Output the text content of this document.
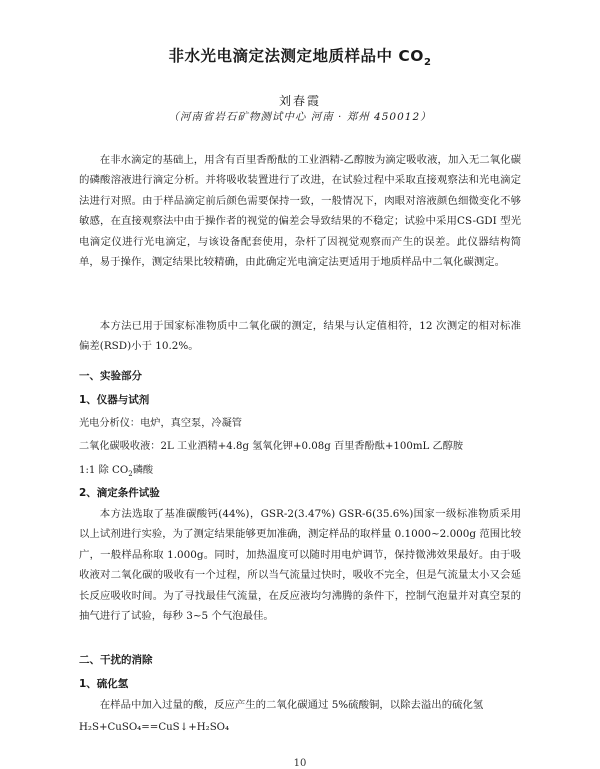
非水光电滴定法测定地质样品中 $CO_2$
刘春霞
（河南省岩石矿物测试中心 河南 · 郑州 450012）

在非水滴定的基础上，用含有百里香酚酞的工业酒精-乙醇胺为滴定吸收液，加入无二氧化碳的磷酸溶液进行滴定分析。并将吸收装置进行了改进，在试验过程中采取直接观察法和光电滴定法进行对照。由于样品滴定前后颜色需要保持一致，一般情况下，肉眼对溶液颜色细微变化不够敏感，在直接观察法中由于操作者的视觉的偏差会导致结果的不稳定；试验中采用CS-GDI 型光电滴定仪进行光电滴定，与该设备配套使用，杂杆了因视觉观察而产生的误差。此仪器结构简单，易于操作，测定结果比较精确，由此确定光电滴定法更适用于地质样品中二氧化碳测定。

本方法已用于国家标准物质中二氧化碳的测定，结果与认定值相符，12 次测定的相对标准偏差(RSD)小于 10.2%。

一、实验部分
1、仪器与试剂
光电分析仪：电炉，真空泵，冷凝管
二氧化碳吸收液：2L 工业酒精+4.8g 氢氧化钾+0.08g 百里香酚酞+100mL 乙醇胺
1:1 除 $CO_2$磷酸
2、滴定条件试验

本方法选取了基准碳酸钙(44%)，GSR-2(3.47%) GSR-6(35.6%)国家一级标准物质采用以上试剂进行实验，为了测定结果能够更加准确，测定样品的取样量 0.1000~2.000g 范围比较广，一般样品称取 1.000g。同时，加热温度可以随时用电炉调节，保持微沸效果最好。由于吸收液对二氧化碳的吸收有一个过程，所以当气流量过快时，吸收不完全，但是气流量太小又会延长反应吸收时间。为了寻找最佳气流量，在反应液均匀沸腾的条件下，控制气泡量并对真空泵的抽气进行了试验，每秒 3~5 个气泡最佳。

二、干扰的消除
1、硫化氢

在样品中加入过量的酸，反应产生的二氧化碳通过 5%硫酸铜，以除去溢出的硫化氢

H₂S+CuSO₄==CuS↓+H₂SO₄
10
